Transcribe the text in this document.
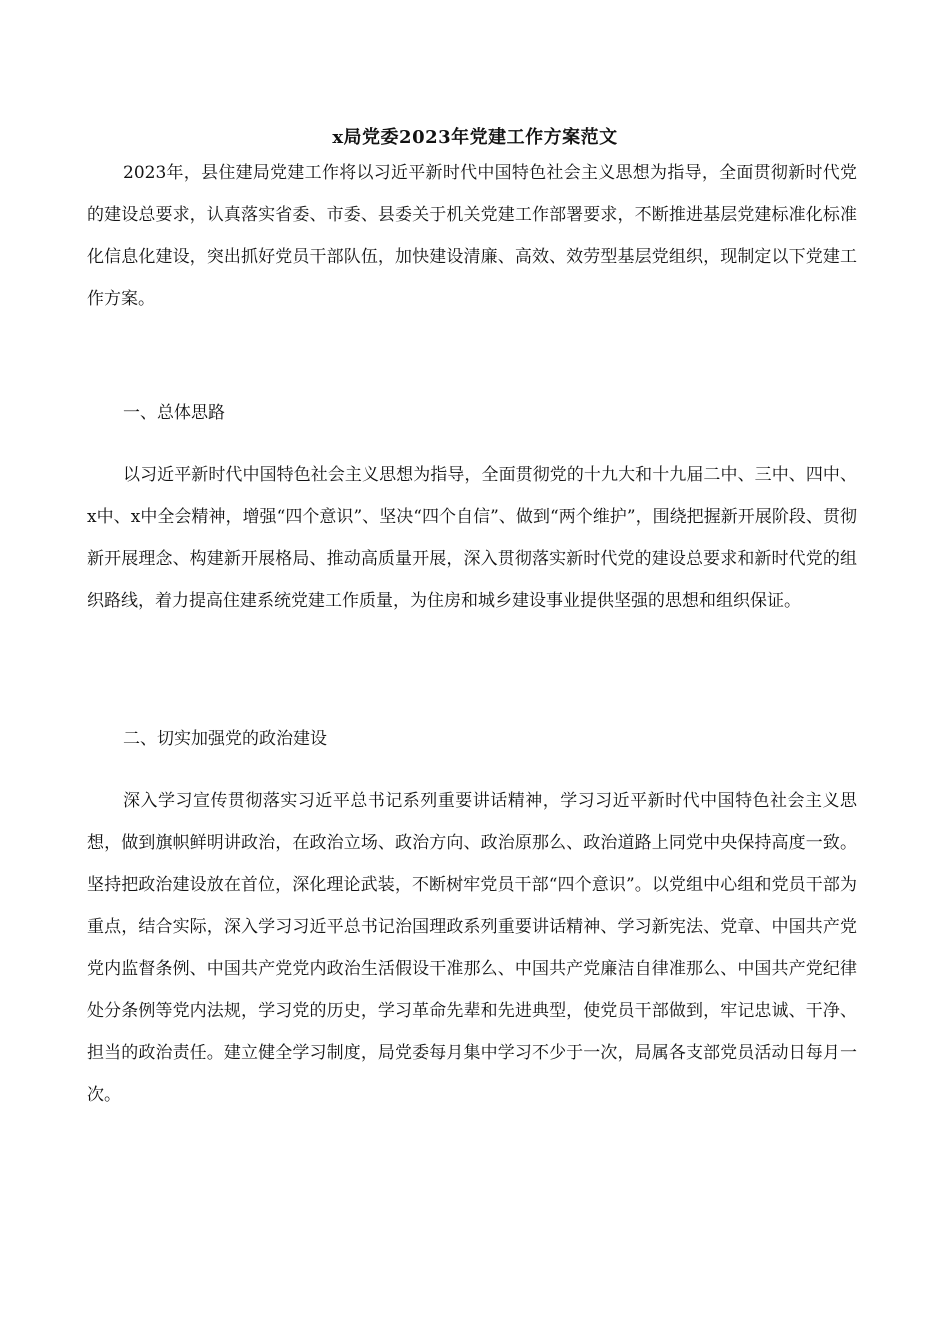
x局党委2023年党建工作方案范文

2023年，县住建局党建工作将以习近平新时代中国特色社会主义思想为指导，全面贯彻新时代党的建设总要求，认真落实省委、市委、县委关于机关党建工作部署要求，不断推进基层党建标准化标准化信息化建设，突出抓好党员干部队伍，加快建设清廉、高效、效劳型基层党组织，现制定以下党建工作方案。

一、总体思路

以习近平新时代中国特色社会主义思想为指导，全面贯彻党的十九大和十九届二中、三中、四中、x中、x中全会精神，增强“四个意识”、坚决“四个自信”、做到“两个维护”，围绕把握新开展阶段、贯彻新开展理念、构建新开展格局、推动高质量开展，深入贯彻落实新时代党的建设总要求和新时代党的组织路线，着力提高住建系统党建工作质量，为住房和城乡建设事业提供坚强的思想和组织保证。

二、切实加强党的政治建设

深入学习宣传贯彻落实习近平总书记系列重要讲话精神，学习习近平新时代中国特色社会主义思想，做到旗帜鲜明讲政治，在政治立场、政治方向、政治原那么、政治道路上同党中央保持高度一致。坚持把政治建设放在首位，深化理论武装，不断树牢党员干部“四个意识”。以党组中心组和党员干部为重点，结合实际，深入学习习近平总书记治国理政系列重要讲话精神、学习新宪法、党章、中国共产党党内监督条例、中国共产党党内政治生活假设干准那么、中国共产党廉洁自律准那么、中国共产党纪律处分条例等党内法规，学习党的历史，学习革命先辈和先进典型，使党员干部做到，牢记忠诚、干净、担当的政治责任。建立健全学习制度，局党委每月集中学习不少于一次，局属各支部党员活动日每月一次。
